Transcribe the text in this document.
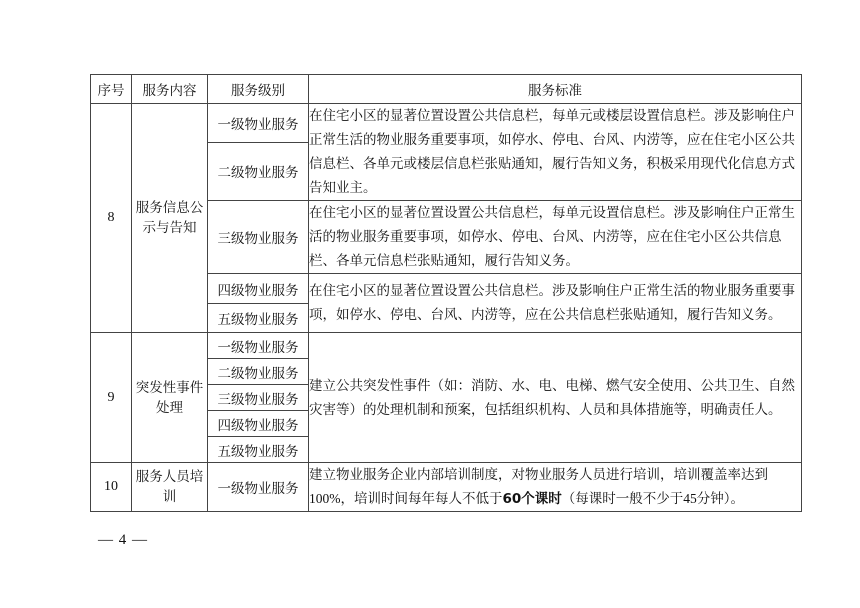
序号	服务内容	服务级别	服务标准
8	服务信息公示与告知	一级物业服务	在住宅小区的显著位置设置公共信息栏，每单元或楼层设置信息栏。涉及影响住户正常生活的物业服务重要事项，如停水、停电、台风、内涝等，应在住宅小区公共信息栏、各单元或楼层信息栏张贴通知，履行告知义务，积极采用现代化信息方式告知业主。
		二级物业服务	
		三级物业服务	在住宅小区的显著位置设置公共信息栏，每单元设置信息栏。涉及影响住户正常生活的物业服务重要事项，如停水、停电、台风、内涝等，应在住宅小区公共信息栏、各单元信息栏张贴通知，履行告知义务。
		四级物业服务	在住宅小区的显著位置设置公共信息栏。涉及影响住户正常生活的物业服务重要事项，如停水、停电、台风、内涝等，应在公共信息栏张贴通知，履行告知义务。
		五级物业服务	
9	突发性事件处理	一级物业服务	建立公共突发性事件（如：消防、水、电、电梯、燃气安全使用、公共卫生、自然灾害等）的处理机制和预案，包括组织机构、人员和具体措施等，明确责任人。
		二级物业服务	
		三级物业服务	
		四级物业服务	
		五级物业服务	
10	服务人员培训	一级物业服务	建立物业服务企业内部培训制度，对物业服务人员进行培训，培训覆盖率达到100%，培训时间每年每人不低于60个课时（每课时一般不少于45分钟）。
— 4 —
